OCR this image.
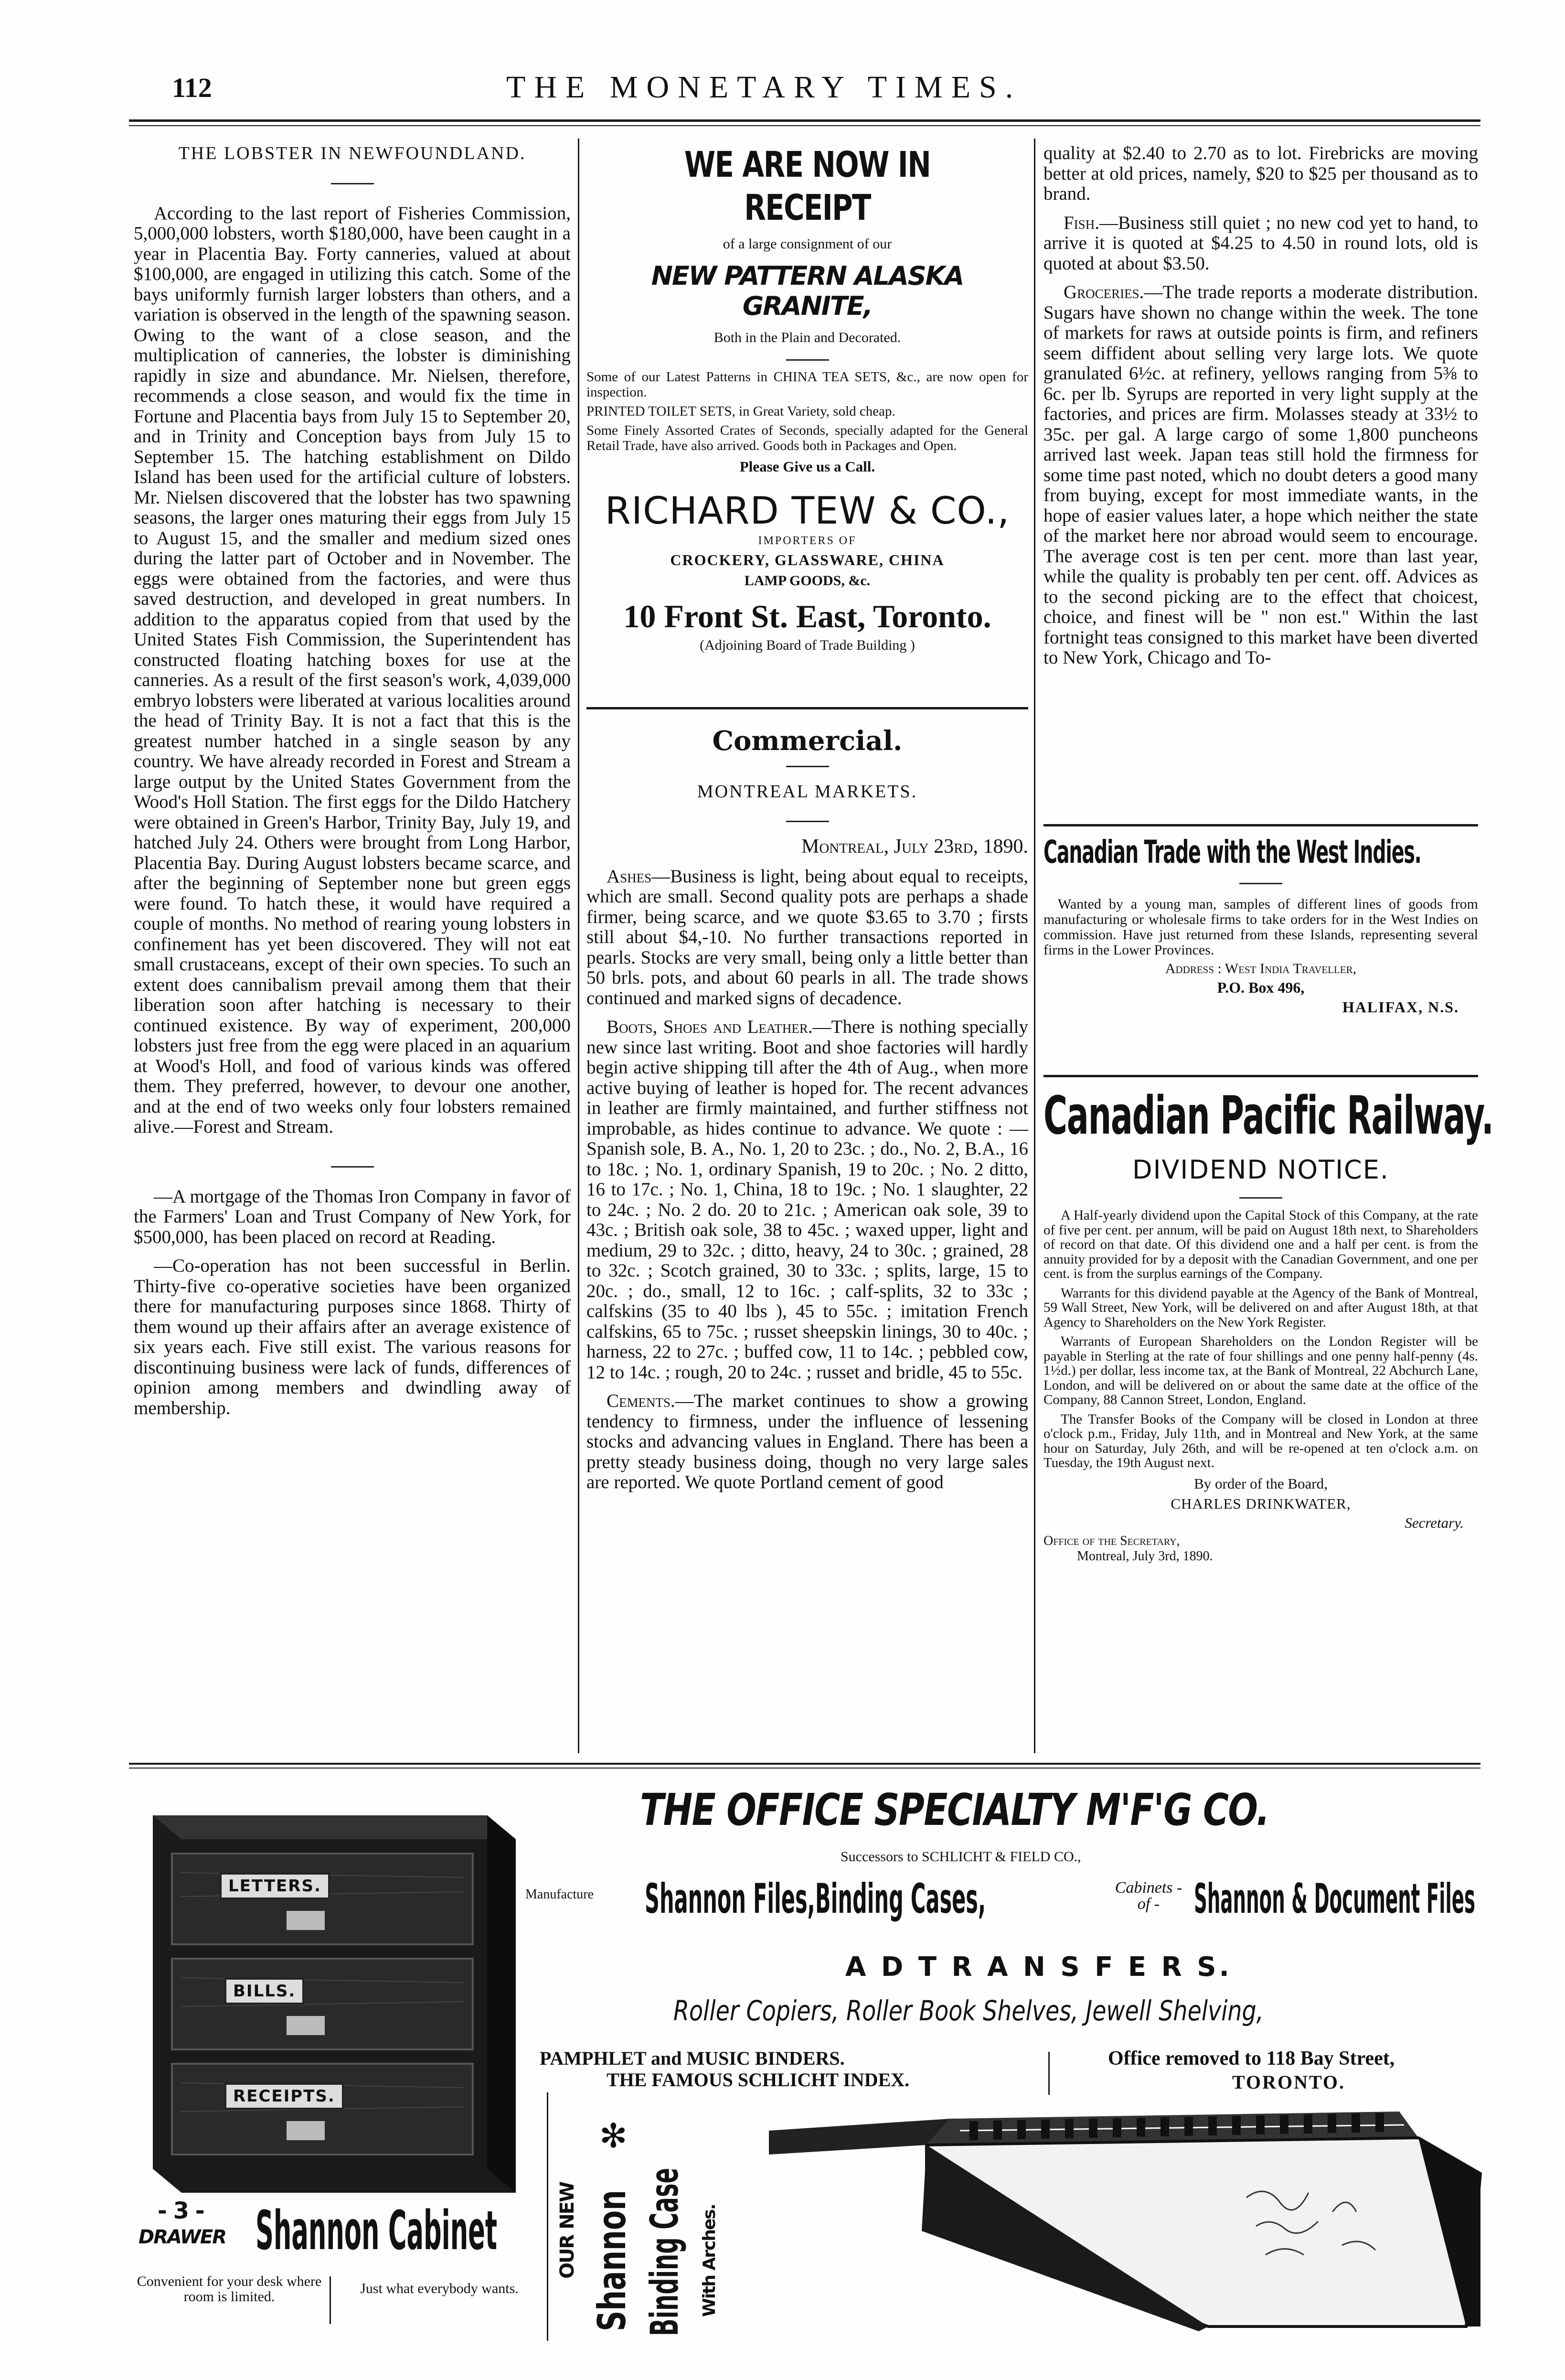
112	THE MONETARY TIMES.
THE LOBSTER IN NEWFOUNDLAND.

According to the last report of Fisheries Commission, 5,000,000 lobsters, worth $180,000, have been caught in a year in Placentia Bay. Forty canneries, valued at about $100,000, are engaged in utilizing this catch. Some of the bays uniformly furnish larger lobsters than others, and a variation is observed in the length of the spawning season. Owing to the want of a close season, and the multiplication of canneries, the lobster is diminishing rapidly in size and abundance. Mr. Nielsen, therefore, recommends a close season, and would fix the time in Fortune and Placentia bays from July 15 to September 20, and in Trinity and Conception bays from July 15 to September 15. The hatching establishment on Dildo Island has been used for the artificial culture of lobsters. Mr. Nielsen discovered that the lobster has two spawning seasons, the larger ones maturing their eggs from July 15 to August 15, and the smaller and medium sized ones during the latter part of October and in November. The eggs were obtained from the factories, and were thus saved destruction, and developed in great numbers. In addition to the apparatus copied from that used by the United States Fish Commission, the Superintendent has constructed floating hatching boxes for use at the canneries. As a result of the first season's work, 4,039,000 embryo lobsters were liberated at various localities around the head of Trinity Bay. It is not a fact that this is the greatest number hatched in a single season by any country. We have already recorded in Forest and Stream a large output by the United States Government from the Wood's Holl Station. The first eggs for the Dildo Hatchery were obtained in Green's Harbor, Trinity Bay, July 19, and hatched July 24. Others were brought from Long Harbor, Placentia Bay. During August lobsters became scarce, and after the beginning of September none but green eggs were found. To hatch these, it would have required a couple of months. No method of rearing young lobsters in confinement has yet been discovered. They will not eat small crustaceans, except of their own species. To such an extent does cannibalism prevail among them that their liberation soon after hatching is necessary to their continued existence. By way of experiment, 200,000 lobsters just free from the egg were placed in an aquarium at Wood's Holl, and food of various kinds was offered them. They preferred, however, to devour one another, and at the end of two weeks only four lobsters remained alive.—Forest and Stream.

—A mortgage of the Thomas Iron Company in favor of the Farmers' Loan and Trust Company of New York, for $500,000, has been placed on record at Reading.

—Co-operation has not been successful in Berlin. Thirty-five co-operative societies have been organized there for manufacturing purposes since 1868. Thirty of them wound up their affairs after an average existence of six years each. Five still exist. The various reasons for discontinuing business were lack of funds, differences of opinion among members and dwindling away of membership.

WE ARE NOW IN RECEIPT
of a large consignment of our
NEW PATTERN ALASKA GRANITE,
Both in the Plain and Decorated.
Some of our Latest Patterns in CHINA TEA SETS, &c., are now open for inspection.
PRINTED TOILET SETS, in Great Variety, sold cheap.
Some Finely Assorted Crates of Seconds, specially adapted for the General Retail Trade, have also arrived. Goods both in Packages and Open.
Please Give us a Call.
RICHARD TEW & CO.,
IMPORTERS OF
CROCKERY, GLASSWARE, CHINA
LAMP GOODS, &c.
10 Front St. East, Toronto.
(Adjoining Board of Trade Building )
Commercial.
MONTREAL MARKETS.
Montreal, July 23rd, 1890.

Ashes—Business is light, being about equal to receipts, which are small. Second quality pots are perhaps a shade firmer, being scarce, and we quote $3.65 to 3.70 ; firsts still about $4,-10. No further transactions reported in pearls. Stocks are very small, being only a little better than 50 brls. pots, and about 60 pearls in all. The trade shows continued and marked signs of decadence.

Boots, Shoes and Leather.—There is nothing specially new since last writing. Boot and shoe factories will hardly begin active shipping till after the 4th of Aug., when more active buying of leather is hoped for. The recent advances in leather are firmly maintained, and further stiffness not improbable, as hides continue to advance. We quote : — Spanish sole, B. A., No. 1, 20 to 23c. ; do., No. 2, B.A., 16 to 18c. ; No. 1, ordinary Spanish, 19 to 20c. ; No. 2 ditto, 16 to 17c. ; No. 1, China, 18 to 19c. ; No. 1 slaughter, 22 to 24c. ; No. 2 do. 20 to 21c. ; American oak sole, 39 to 43c. ; British oak sole, 38 to 45c. ; waxed upper, light and medium, 29 to 32c. ; ditto, heavy, 24 to 30c. ; grained, 28 to 32c. ; Scotch grained, 30 to 33c. ; splits, large, 15 to 20c. ; do., small, 12 to 16c. ; calf-splits, 32 to 33c ; calfskins (35 to 40 lbs ), 45 to 55c. ; imitation French calfskins, 65 to 75c. ; russet sheepskin linings, 30 to 40c. ; harness, 22 to 27c. ; buffed cow, 11 to 14c. ; pebbled cow, 12 to 14c. ; rough, 20 to 24c. ; russet and bridle, 45 to 55c.

Cements.—The market continues to show a growing tendency to firmness, under the influence of lessening stocks and advancing values in England. There has been a pretty steady business doing, though no very large sales are reported. We quote Portland cement of good

quality at $2.40 to 2.70 as to lot. Firebricks are moving better at old prices, namely, $20 to $25 per thousand as to brand.

Fish.—Business still quiet ; no new cod yet to hand, to arrive it is quoted at $4.25 to 4.50 in round lots, old is quoted at about $3.50.

Groceries.—The trade reports a moderate distribution. Sugars have shown no change within the week. The tone of markets for raws at outside points is firm, and refiners seem diffident about selling very large lots. We quote granulated 6½c. at refinery, yellows ranging from 5⅜ to 6c. per lb. Syrups are reported in very light supply at the factories, and prices are firm. Molasses steady at 33½ to 35c. per gal. A large cargo of some 1,800 puncheons arrived last week. Japan teas still hold the firmness for some time past noted, which no doubt deters a good many from buying, except for most immediate wants, in the hope of easier values later, a hope which neither the state of the market here nor abroad would seem to encourage. The average cost is ten per cent. more than last year, while the quality is probably ten per cent. off. Advices as to the second picking are to the effect that choicest, choice, and finest will be " non est." Within the last fortnight teas consigned to this market have been diverted to New York, Chicago and To-

Canadian Trade with the West Indies.
Wanted by a young man, samples of different lines of goods from manufacturing or wholesale firms to take orders for in the West Indies on commission. Have just returned from these Islands, representing several firms in the Lower Provinces.
Address : West India Traveller,
P.O. Box 496,
HALIFAX, N.S.
Canadian Pacific Railway.
DIVIDEND NOTICE.

A Half-yearly dividend upon the Capital Stock of this Company, at the rate of five per cent. per annum, will be paid on August 18th next, to Shareholders of record on that date. Of this dividend one and a half per cent. is from the annuity provided for by a deposit with the Canadian Government, and one per cent. is from the surplus earnings of the Company.

Warrants for this dividend payable at the Agency of the Bank of Montreal, 59 Wall Street, New York, will be delivered on and after August 18th, at that Agency to Shareholders on the New York Register.

Warrants of European Shareholders on the London Register will be payable in Sterling at the rate of four shillings and one penny half-penny (4s. 1½d.) per dollar, less income tax, at the Bank of Montreal, 22 Abchurch Lane, London, and will be delivered on or about the same date at the office of the Company, 88 Cannon Street, London, England.

The Transfer Books of the Company will be closed in London at three o'clock p.m., Friday, July 11th, and in Montreal and New York, at the same hour on Saturday, July 26th, and will be re-opened at ten o'clock a.m. on Tuesday, the 19th August next.

By order of the Board,
CHARLES DRINKWATER,
Secretary.
Office of the Secretary,
Montreal, July 3rd, 1890.
THE OFFICE SPECIALTY M'F'G CO.
Successors to SCHLICHT & FIELD CO.,
Manufacture Shannon Files,Binding Cases,	Cabinets - of - Shannon & Document Files
A D T R A N S F E R S.
Roller Copiers, Roller Book Shelves, Jewell Shelving,
PAMPHLET and MUSIC BINDERS.
THE FAMOUS SCHLICHT INDEX.
Office removed to 118 Bay Street,
TORONTO.
LETTERS.
BILLS.
RECEIPTS.
- 3 -
DRAWER Shannon Cabinet
Convenient for your desk where room is limited.
Just what everybody wants.
OUR NEW
✻
Shannon Binding Case With Arches.
